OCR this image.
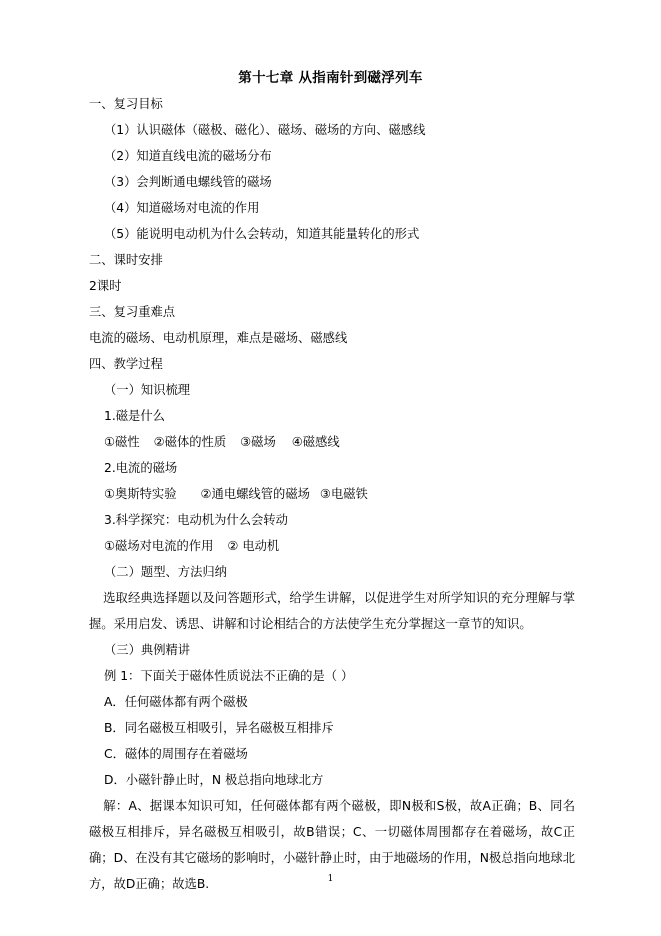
第十七章 从指南针到磁浮列车
一、复习目标
（1）认识磁体（磁极、磁化）、磁场、磁场的方向、磁感线
（2）知道直线电流的磁场分布
（3）会判断通电螺线管的磁场
（4）知道磁场对电流的作用
（5）能说明电动机为什么会转动，知道其能量转化的形式
二、课时安排
2课时
三、复习重难点
电流的磁场、电动机原理，难点是磁场、磁感线
四、教学过程
（一）知识梳理
1.磁是什么
①磁性 ②磁体的性质 ③磁场 ④磁感线
2.电流的磁场
①奥斯特实验 ②通电螺线管的磁场 ③电磁铁
3.科学探究：电动机为什么会转动
①磁场对电流的作用 ② 电动机
（二）题型、方法归纳
选取经典选择题以及问答题形式，给学生讲解，以促进学生对所学知识的充分理解与掌握。采用启发、诱思、讲解和讨论相结合的方法使学生充分掌握这一章节的知识。
（三）典例精讲
例 1：下面关于磁体性质说法不正确的是（ ）
A．任何磁体都有两个磁极
B．同名磁极互相吸引，异名磁极互相排斥
C．磁体的周围存在着磁场
D．小磁针静止时，N 极总指向地球北方
解：A、据课本知识可知，任何磁体都有两个磁极，即N极和S极，故A正确；B、同名磁极互相排斥，异名磁极互相吸引，故B错误；C、一切磁体周围都存在着磁场，故C正确；D、在没有其它磁场的影响时，小磁针静止时，由于地磁场的作用，N极总指向地球北方，故D正确；故选B.	1
